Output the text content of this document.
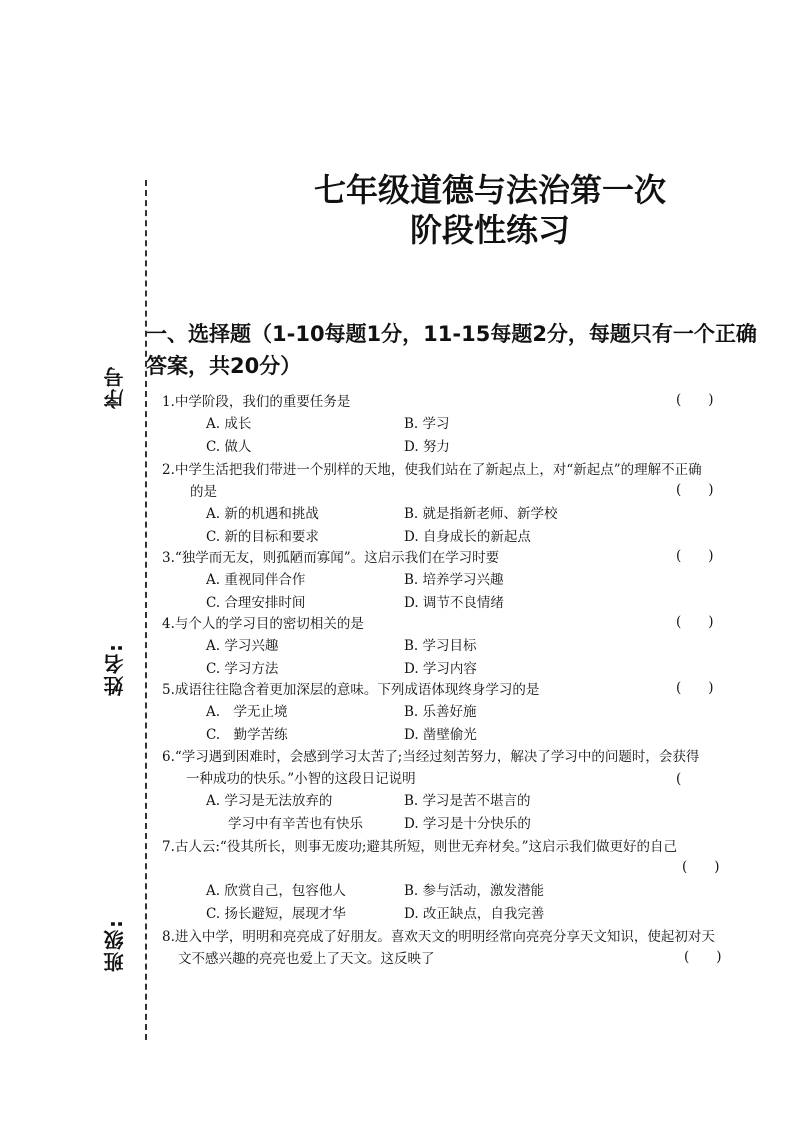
序号
姓名:
班级:
七年级道德与法治第一次
阶段性练习
一、选择题（1-10每题1分，11-15每题2分，每题只有一个正确
答案，共20分）
1.中学阶段，我们的重要任务是	(　　)
A. 成长	B. 学习
C. 做人	D. 努力
2.中学生活把我们带进一个别样的天地，使我们站在了新起点上，对“新起点”的理解不正确
的是	(　　)
A. 新的机遇和挑战	B. 就是指新老师、新学校
C. 新的目标和要求	D. 自身成长的新起点
3.“独学而无友，则孤陋而寡闻”。这启示我们在学习时要	(　　)
A. 重视同伴合作	B. 培养学习兴趣
C. 合理安排时间	D. 调节不良情绪
4.与个人的学习目的密切相关的是	(　　)
A. 学习兴趣	B. 学习目标
C. 学习方法	D. 学习内容
5.成语往往隐含着更加深层的意味。下列成语体现终身学习的是	(　　)
A.　学无止境	B. 乐善好施
C.　勤学苦练	D. 凿壁偷光
6.“学习遇到困难时，会感到学习太苦了;当经过刻苦努力，解决了学习中的问题时，会获得
一种成功的快乐。”小智的这段日记说明	(
A. 学习是无法放弃的	B. 学习是苦不堪言的
学习中有辛苦也有快乐	D. 学习是十分快乐的
7.古人云:“役其所长，则事无废功;避其所短，则世无弃材矣。”这启示我们做更好的自己
(　　)
A. 欣赏自己，包容他人	B. 参与活动，激发潜能
C. 扬长避短，展现才华	D. 改正缺点，自我完善
8.进入中学，明明和亮亮成了好朋友。喜欢天文的明明经常向亮亮分享天文知识，使起初对天
文不感兴趣的亮亮也爱上了天文。这反映了	(　　)
